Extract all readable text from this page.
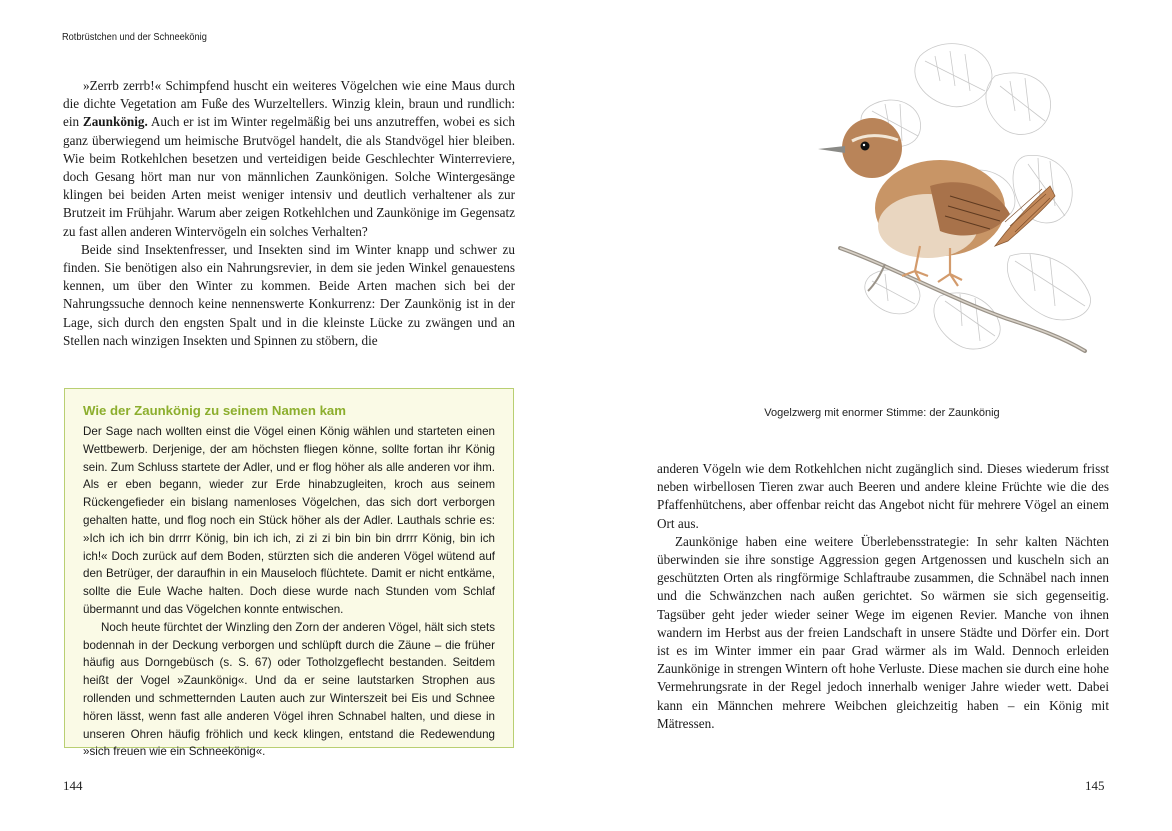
Rotbrüstchen und der Schneekönig

»Zerrb zerrb!« Schimpfend huscht ein weiteres Vögelchen wie eine Maus durch die dichte Vegetation am Fuße des Wurzeltellers. Winzig klein, braun und rundlich: ein Zaunkönig. Auch er ist im Winter regelmäßig bei uns anzutreffen, wobei es sich ganz überwiegend um heimische Brutvögel handelt, die als Standvögel hier bleiben. Wie beim Rotkehlchen besetzen und verteidigen beide Geschlechter Winterreviere, doch Gesang hört man nur von männlichen Zaunkönigen. Solche Wintergesänge klingen bei beiden Arten meist weniger intensiv und deutlich verhaltener als zur Brutzeit im Frühjahr. Warum aber zeigen Rotkehlchen und Zaunkönige im Gegensatz zu fast allen anderen Wintervögeln ein solches Verhalten?

Beide sind Insektenfresser, und Insekten sind im Winter knapp und schwer zu finden. Sie benötigen also ein Nahrungsrevier, in dem sie jeden Winkel genauestens kennen, um über den Winter zu kommen. Beide Arten machen sich bei der Nahrungssuche dennoch keine nennenswerte Konkurrenz: Der Zaunkönig ist in der Lage, sich durch den engsten Spalt und in die kleinste Lücke zu zwängen und an Stellen nach winzigen Insekten und Spinnen zu stöbern, die

Wie der Zaunkönig zu seinem Namen kam

Der Sage nach wollten einst die Vögel einen König wählen und starteten einen Wettbewerb. Derjenige, der am höchsten fliegen könne, sollte fortan ihr König sein. Zum Schluss startete der Adler, und er flog höher als alle anderen vor ihm. Als er eben begann, wieder zur Erde hinabzugleiten, kroch aus seinem Rückengefieder ein bislang namenloses Vögelchen, das sich dort verborgen gehalten hatte, und flog noch ein Stück höher als der Adler. Lauthals schrie es: »Ich ich ich bin drrrr König, bin ich ich, zi zi zi bin bin bin drrrr König, bin ich ich!« Doch zurück auf dem Boden, stürzten sich die anderen Vögel wütend auf den Betrüger, der daraufhin in ein Mauseloch flüchtete. Damit er nicht entkäme, sollte die Eule Wache halten. Doch diese wurde nach Stunden vom Schlaf übermannt und das Vögelchen konnte entwischen.

Noch heute fürchtet der Winzling den Zorn der anderen Vögel, hält sich stets bodennah in der Deckung verborgen und schlüpft durch die Zäune – die früher häufig aus Dorngebüsch (s. S. 67) oder Totholzgeflecht bestanden. Seitdem heißt der Vogel »Zaunkönig«. Und da er seine lautstarken Strophen aus rollenden und schmetternden Lauten auch zur Winterszeit bei Eis und Schnee hören lässt, wenn fast alle anderen Vögel ihren Schnabel halten, und diese in unseren Ohren häufig fröhlich und keck klingen, entstand die Redewendung »sich freuen wie ein Schneekönig«.

144
Vogelzwerg mit enormer Stimme: der Zaunkönig

anderen Vögeln wie dem Rotkehlchen nicht zugänglich sind. Dieses wiederum frisst neben wirbellosen Tieren zwar auch Beeren und andere kleine Früchte wie die des Pfaffenhütchens, aber offenbar reicht das Angebot nicht für mehrere Vögel an einem Ort aus.

Zaunkönige haben eine weitere Überlebensstrategie: In sehr kalten Nächten überwinden sie ihre sonstige Aggression gegen Artgenossen und kuscheln sich an geschützten Orten als ringförmige Schlaftraube zusammen, die Schnäbel nach innen und die Schwänzchen nach außen gerichtet. So wärmen sie sich gegenseitig. Tagsüber geht jeder wieder seiner Wege im eigenen Revier. Manche von ihnen wandern im Herbst aus der freien Landschaft in unsere Städte und Dörfer ein. Dort ist es im Winter immer ein paar Grad wärmer als im Wald. Dennoch erleiden Zaunkönige in strengen Wintern oft hohe Verluste. Diese machen sie durch eine hohe Vermehrungsrate in der Regel jedoch innerhalb weniger Jahre wieder wett. Dabei kann ein Männchen mehrere Weibchen gleichzeitig haben – ein König mit Mätressen.

145
